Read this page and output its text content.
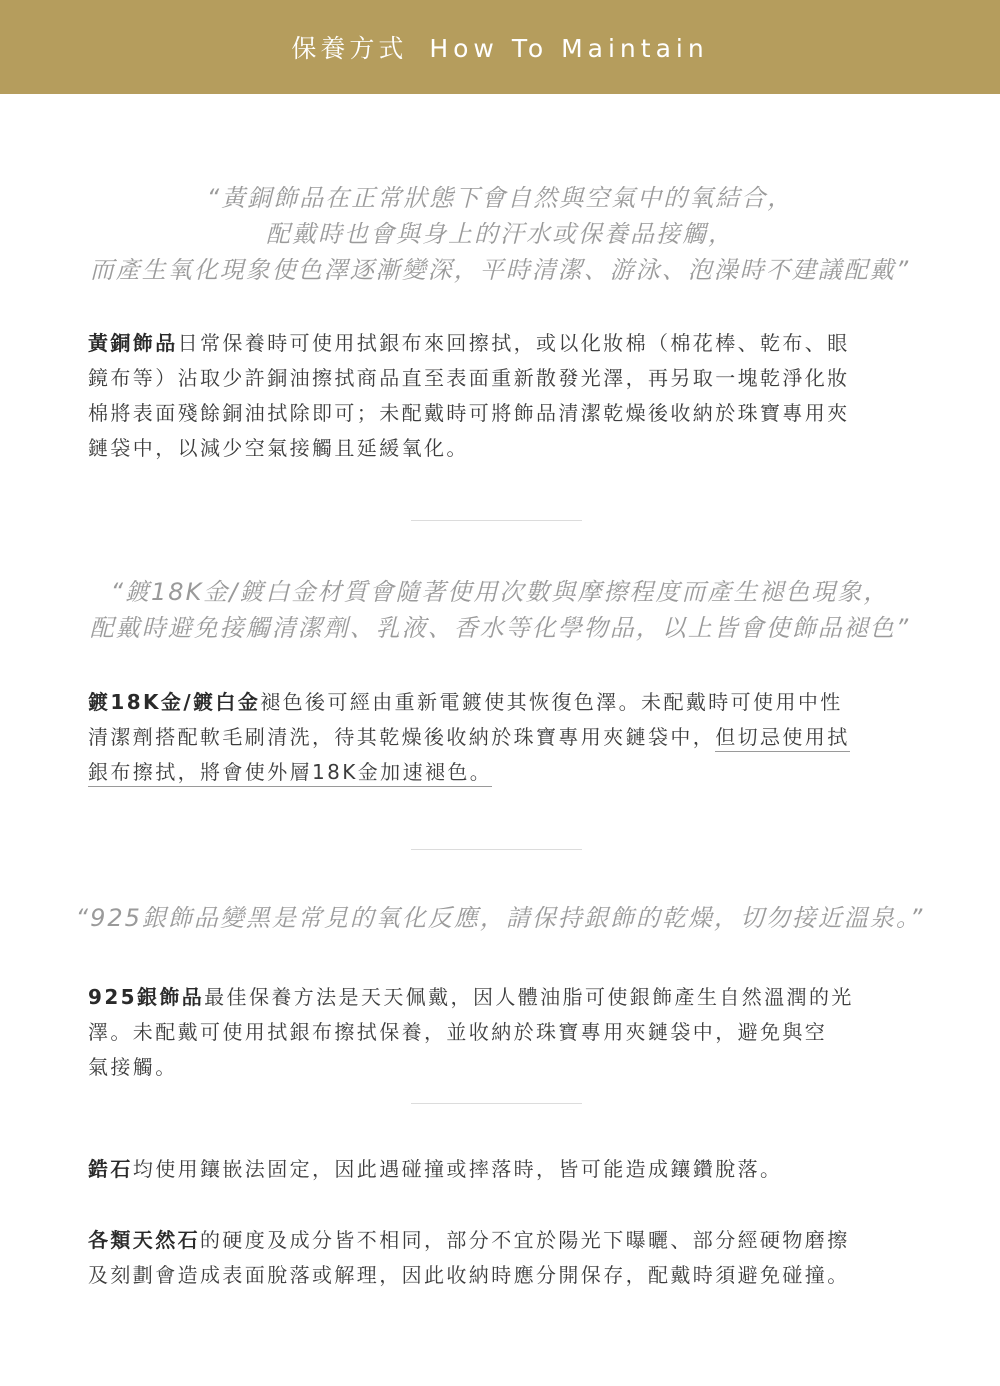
保養方式 How To Maintain
“黃銅飾品在正常狀態下會自然與空氣中的氧結合，
配戴時也會與身上的汗水或保養品接觸，
而產生氧化現象使色澤逐漸變深，平時清潔、游泳、泡澡時不建議配戴”
黃銅飾品日常保養時可使用拭銀布來回擦拭，或以化妝棉（棉花棒、乾布、眼
鏡布等）沾取少許銅油擦拭商品直至表面重新散發光澤，再另取一塊乾淨化妝
棉將表面殘餘銅油拭除即可；未配戴時可將飾品清潔乾燥後收納於珠寶專用夾
鏈袋中，以減少空氣接觸且延緩氧化。
“鍍18K金/鍍白金材質會隨著使用次數與摩擦程度而產生褪色現象，
配戴時避免接觸清潔劑、乳液、香水等化學物品，以上皆會使飾品褪色”
鍍18K金/鍍白金褪色後可經由重新電鍍使其恢復色澤。未配戴時可使用中性
清潔劑搭配軟毛刷清洗，待其乾燥後收納於珠寶專用夾鏈袋中，但切忌使用拭
銀布擦拭，將會使外層18K金加速褪色。
“925銀飾品變黑是常見的氧化反應，請保持銀飾的乾燥，切勿接近溫泉。”
925銀飾品最佳保養方法是天天佩戴，因人體油脂可使銀飾產生自然溫潤的光
澤。未配戴可使用拭銀布擦拭保養，並收納於珠寶專用夾鏈袋中，避免與空
氣接觸。
鋯石均使用鑲嵌法固定，因此遇碰撞或摔落時，皆可能造成鑲鑽脫落。
各類天然石的硬度及成分皆不相同，部分不宜於陽光下曝曬、部分經硬物磨擦
及刻劃會造成表面脫落或解理，因此收納時應分開保存，配戴時須避免碰撞。
